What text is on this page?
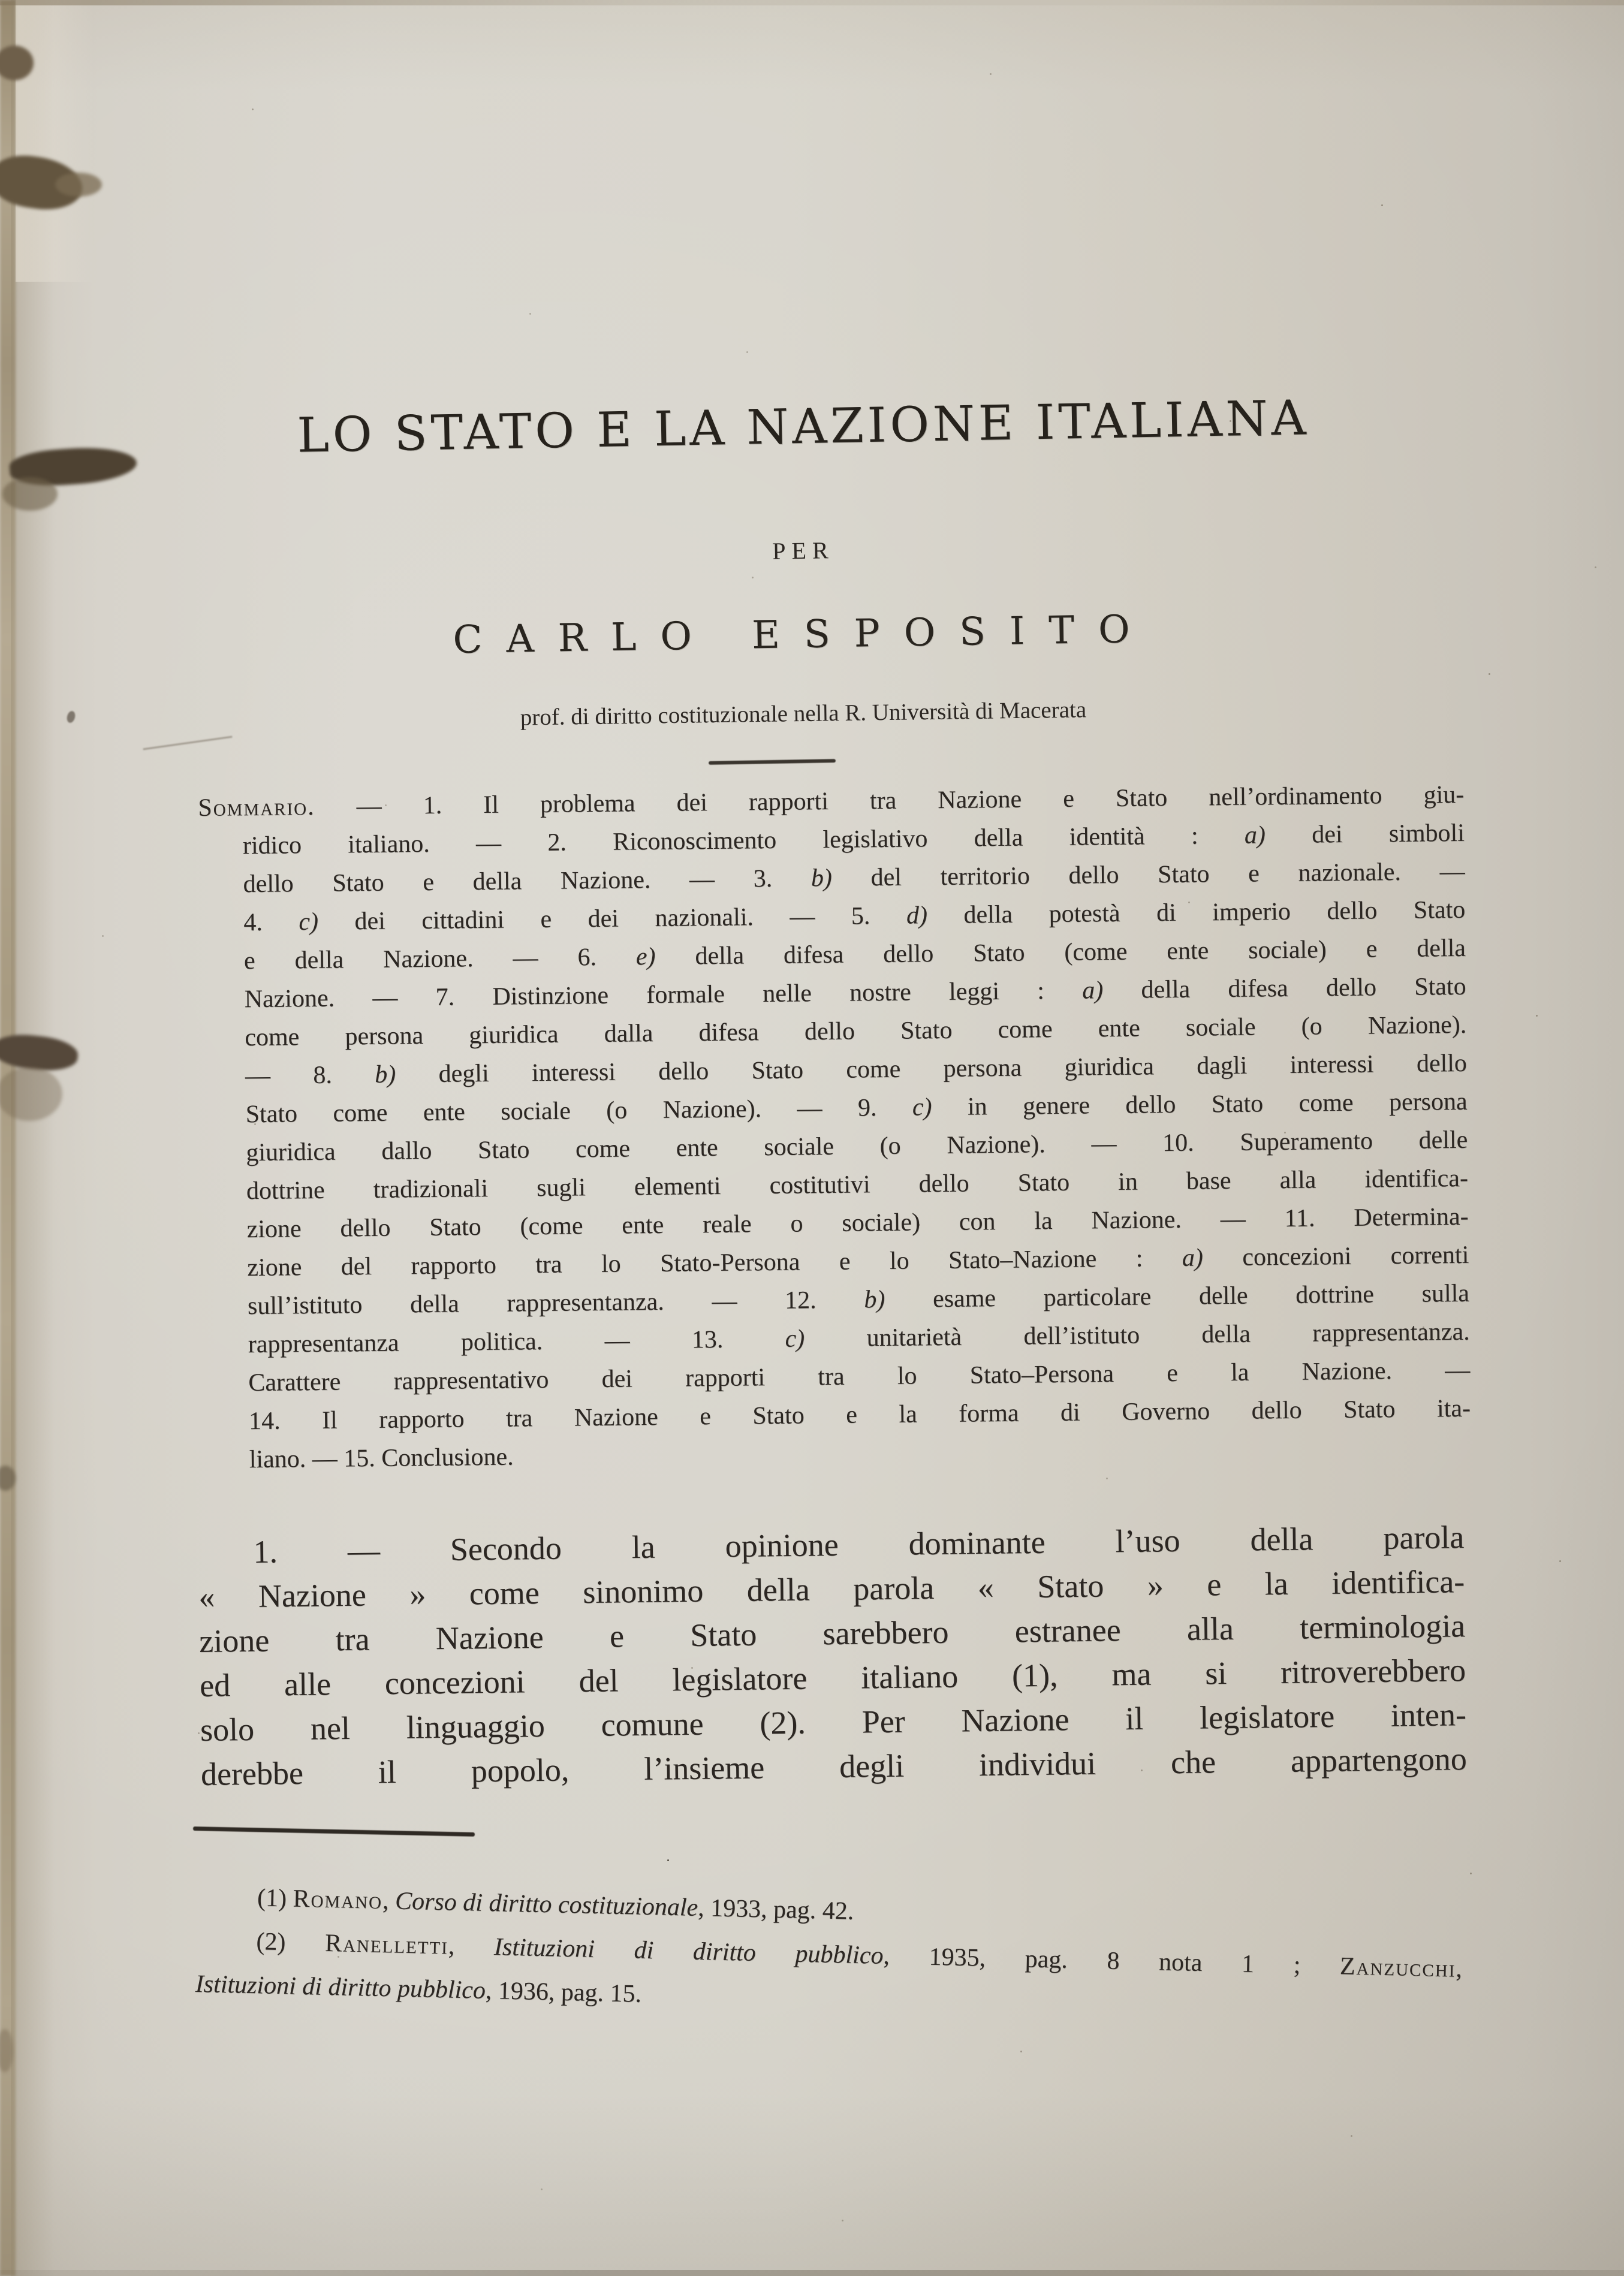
LO STATO E LA NAZIONE ITALIANA
PER
CARLO ESPOSITO
prof. di diritto costituzionale nella R. Università di Macerata
Sommario. — 1. Il problema dei rapporti tra Nazione e Stato nell’ordinamento giu-
ridico italiano. — 2. Riconoscimento legislativo della identità : a) dei simboli
dello Stato e della Nazione. — 3. b) del territorio dello Stato e nazionale. —
4. c) dei cittadini e dei nazionali. — 5. d) della potestà di imperio dello Stato
e della Nazione. — 6. e) della difesa dello Stato (come ente sociale) e della
Nazione. — 7. Distinzione formale nelle nostre leggi : a) della difesa dello Stato
come persona giuridica dalla difesa dello Stato come ente sociale (o Nazione).
— 8. b) degli interessi dello Stato come persona giuridica dagli interessi dello
Stato come ente sociale (o Nazione). — 9. c) in genere dello Stato come persona
giuridica dallo Stato come ente sociale (o Nazione). — 10. Superamento delle
dottrine tradizionali sugli elementi costitutivi dello Stato in base alla identifica-
zione dello Stato (come ente reale o sociale) con la Nazione. — 11. Determina-
zione del rapporto tra lo Stato-Persona e lo Stato–Nazione : a) concezioni correnti
sull’istituto della rappresentanza. — 12. b) esame particolare delle dottrine sulla
rappresentanza politica. — 13. c) unitarietà dell’istituto della rappresentanza.
Carattere rappresentativo dei rapporti tra lo Stato–Persona e la Nazione. —
14. Il rapporto tra Nazione e Stato e la forma di Governo dello Stato ita-
liano. — 15. Conclusione.
1. — Secondo la opinione dominante l’uso della parola
« Nazione » come sinonimo della parola « Stato » e la identifica-
zione tra Nazione e Stato sarebbero estranee alla terminologia
ed alle concezioni del legislatore italiano (1), ma si ritroverebbero
solo nel linguaggio comune (2). Per Nazione il legislatore inten-
derebbe il popolo, l’insieme degli individui che appartengono
(1) Romano, Corso di diritto costituzionale, 1933, pag. 42.
(2) Ranelletti, Istituzioni di diritto pubblico, 1935, pag. 8 nota 1 ; Zanzucchi,
Istituzioni di diritto pubblico, 1936, pag. 15.
